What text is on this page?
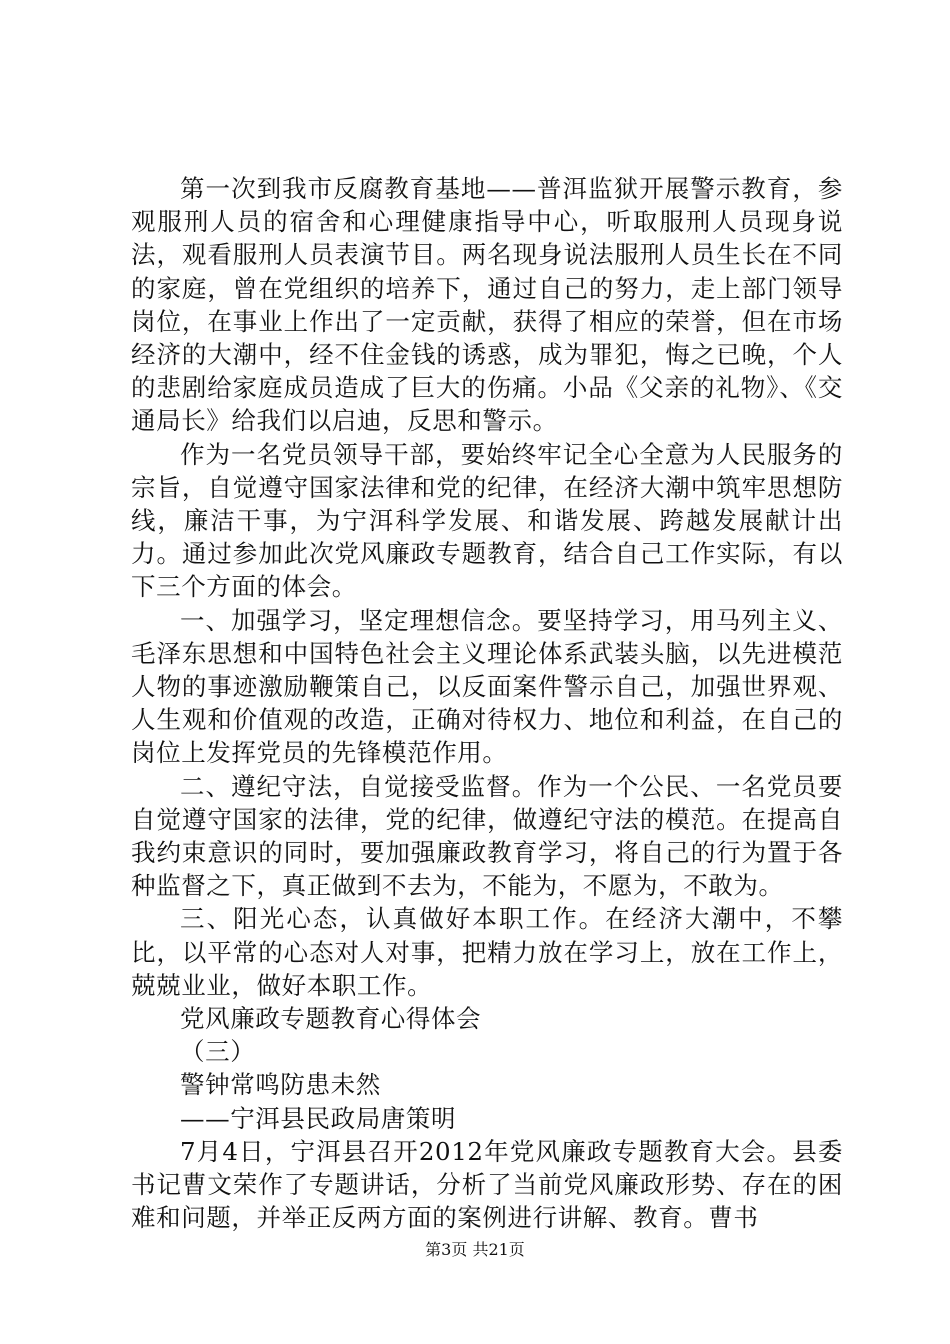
第一次到我市反腐教育基地——普洱监狱开展警示教育，参观服刑人员的宿舍和心理健康指导中心，听取服刑人员现身说法，观看服刑人员表演节目。两名现身说法服刑人员生长在不同的家庭，曾在党组织的培养下，通过自己的努力，走上部门领导岗位，在事业上作出了一定贡献，获得了相应的荣誉，但在市场经济的大潮中，经不住金钱的诱惑，成为罪犯，悔之已晚，个人的悲剧给家庭成员造成了巨大的伤痛。小品《父亲的礼物》、《交通局长》给我们以启迪，反思和警示。

作为一名党员领导干部，要始终牢记全心全意为人民服务的宗旨，自觉遵守国家法律和党的纪律，在经济大潮中筑牢思想防线，廉洁干事，为宁洱科学发展、和谐发展、跨越发展献计出力。通过参加此次党风廉政专题教育，结合自己工作实际，有以下三个方面的体会。

一、加强学习，坚定理想信念。要坚持学习，用马列主义、毛泽东思想和中国特色社会主义理论体系武装头脑，以先进模范人物的事迹激励鞭策自己，以反面案件警示自己，加强世界观、人生观和价值观的改造，正确对待权力、地位和利益，在自己的岗位上发挥党员的先锋模范作用。

二、遵纪守法，自觉接受监督。作为一个公民、一名党员要自觉遵守国家的法律，党的纪律，做遵纪守法的模范。在提高自我约束意识的同时，要加强廉政教育学习，将自己的行为置于各种监督之下，真正做到不去为，不能为，不愿为，不敢为。

三、阳光心态，认真做好本职工作。在经济大潮中，不攀比，以平常的心态对人对事，把精力放在学习上，放在工作上，兢兢业业，做好本职工作。

党风廉政专题教育心得体会

（三）

警钟常鸣防患未然

——宁洱县民政局唐策明

7月4日，宁洱县召开2012年党风廉政专题教育大会。县委书记曹文荣作了专题讲话，分析了当前党风廉政形势、存在的困难和问题，并举正反两方面的案例进行讲解、教育。曹书

第3页 共21页
